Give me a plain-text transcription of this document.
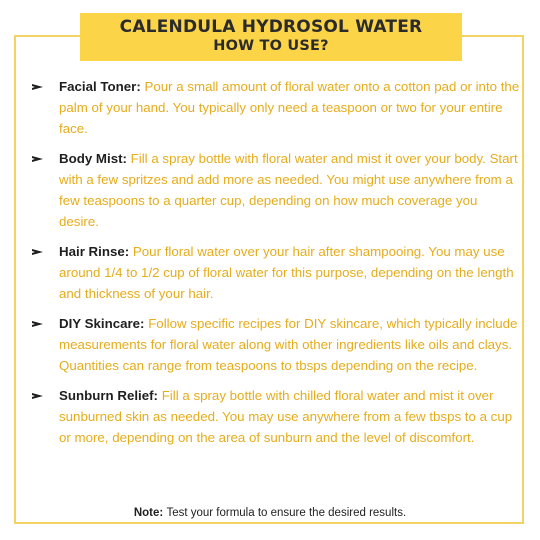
CALENDULA HYDROSOL WATER
HOW TO USE?
Facial Toner: Pour a small amount of floral water onto a cotton pad or into the palm of your hand. You typically only need a teaspoon or two for your entire face.
Body Mist: Fill a spray bottle with floral water and mist it over your body. Start with a few spritzes and add more as needed. You might use anywhere from a few teaspoons to a quarter cup, depending on how much coverage you desire.
Hair Rinse: Pour floral water over your hair after shampooing. You may use around 1/4 to 1/2 cup of floral water for this purpose, depending on the length and thickness of your hair.
DIY Skincare: Follow specific recipes for DIY skincare, which typically include measurements for floral water along with other ingredients like oils and clays. Quantities can range from teaspoons to tbsps depending on the recipe.
Sunburn Relief: Fill a spray bottle with chilled floral water and mist it over sunburned skin as needed. You may use anywhere from a few tbsps to a cup or more, depending on the area of sunburn and the level of discomfort.
Note: Test your formula to ensure the desired results.
